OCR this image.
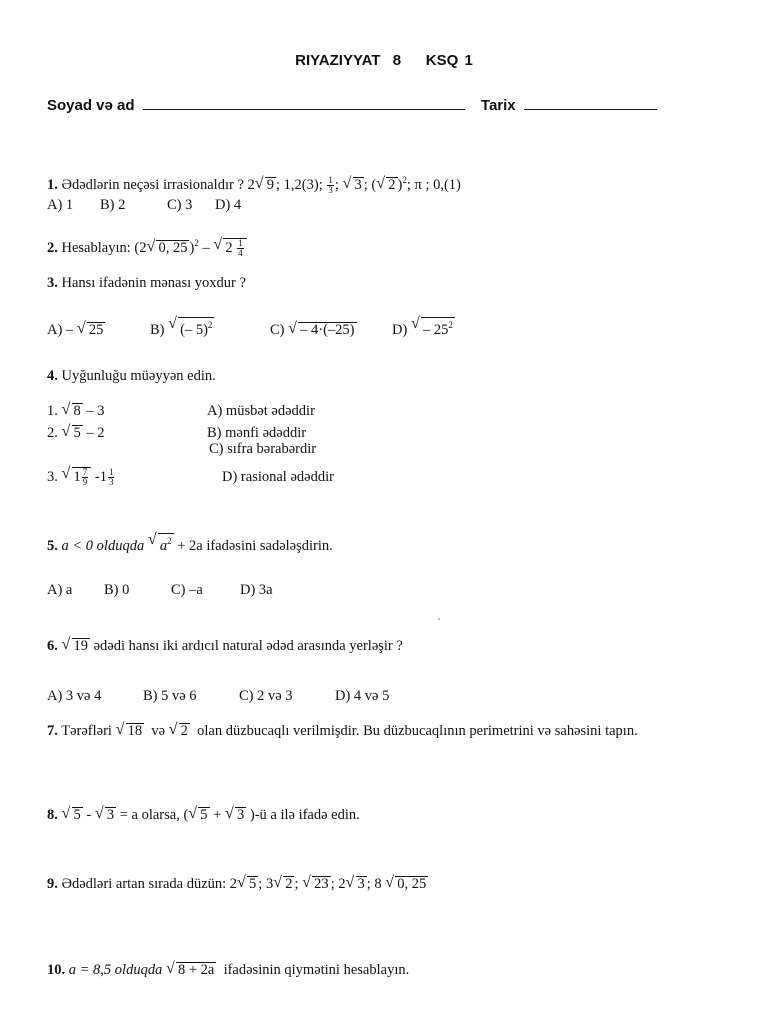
RIYAZIYYAT  8    KSQ 1
Soyad və ad	Tarix
1. Ədədlərin neçəsi irrasionaldır ? 2 √ 9 ; 1,2(3); $\frac{1}{3}$ ; √ 3 ; ( √ 2 )$^2$; π ; 0,(1)
A) 1 B) 2	C) 3 D) 4
2. Hesablayın: (2 √ 0, 25 )$^2$ – √ $2 \frac{1}{4}$
3. Hansı ifadənin mənası yoxdur ?
A) – √ 25	B) √ (– 5)$^2$	C) √ – 4·(–25)	D) √ – $25^2$
4. Uyğunluğu müəyyən edin.
1. √ 8 – 3
2. √ 5 – 2
3. √ $1 \frac{7}{9} -1 \frac{1}{3}$
A) müsbət ədəddir
B) mənfi ədəddir
C) sıfra bərabərdir
D) rasional ədəddir
5. a < 0 olduqda √ $a^2 + 2a$ ifadəsini sadələşdirin.
A) a B) 0	C) –a	D) 3a
6. √ 19 ədədi hansı iki ardıcıl natural ədəd arasında yerləşir ?
A) 3 və 4	B) 5 və 6	C) 2 və 3	D) 4 və 5
7. Tərəfləri √ 18 və √ 2 olan düzbucaqlı verilmişdir. Bu düzbucaqlının perimetrini və sahəsini tapın.
8. √ 5 - √ 3 = a olarsa, ( √ 5 + √ 3 )-ü a ilə ifadə edin.
9. Ədədləri artan sırada düzün: 2 √ 5 ; 3 √ 2 ; √ 23 ; 2 √ 3 ; 8 √ 0, 25
10. a = 8,5 olduqda √ 8 + 2a ifadəsinin qiymətini hesablayın.
